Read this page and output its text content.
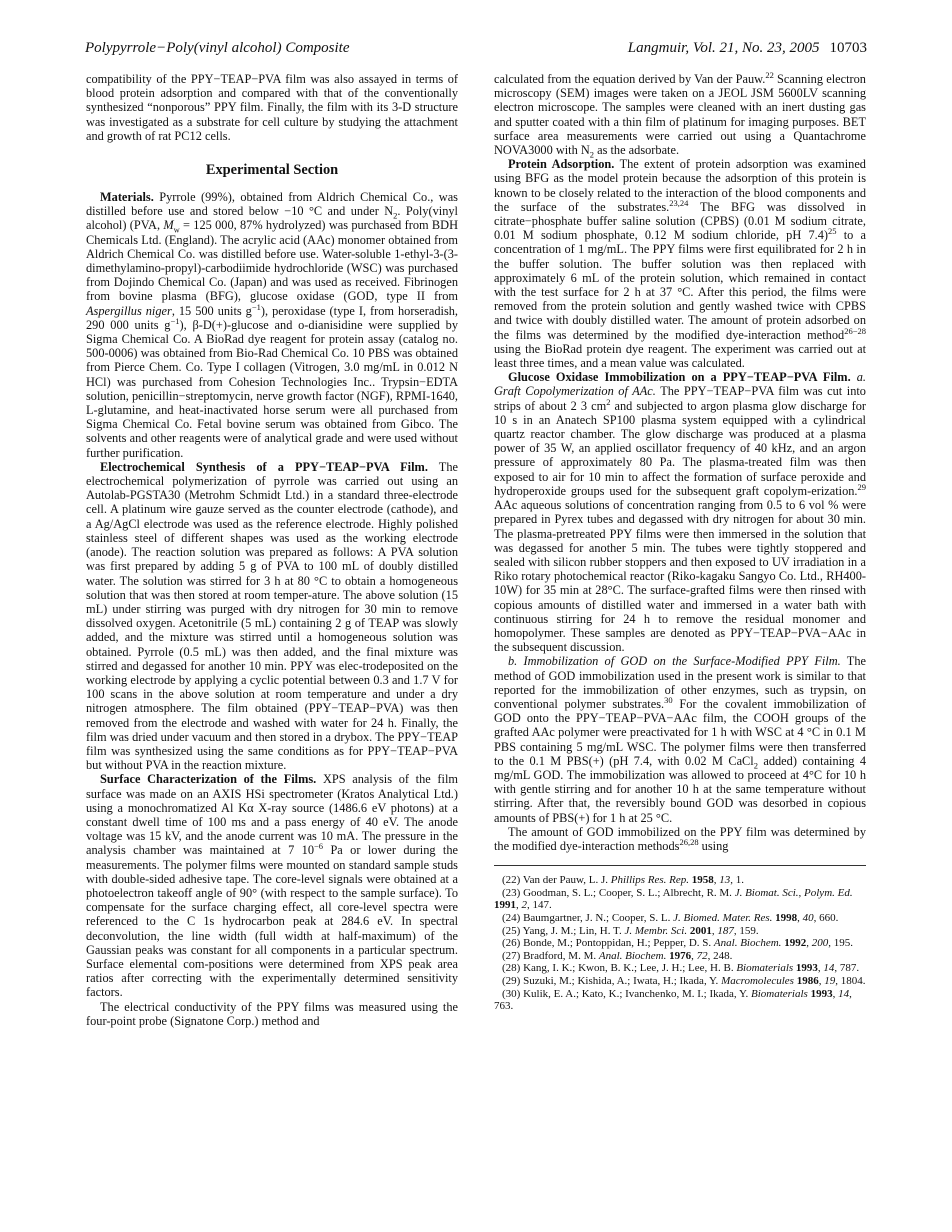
Polypyrrole−Poly(vinyl alcohol) Composite	Langmuir, Vol. 21, No. 23, 2005 10703

compatibility of the PPY−TEAP−PVA film was also assayed in terms of blood protein adsorption and compared with that of the conventionally synthesized “nonporous” PPY film. Finally, the film with its 3-D structure was investigated as a substrate for cell culture by studying the attachment and growth of rat PC12 cells.

Experimental Section

Materials. Pyrrole (99%), obtained from Aldrich Chemical Co., was distilled before use and stored below −10 °C and under $N_2$. Poly(vinyl alcohol) (PVA, $M_w = 125$ 000, 87% hydrolyzed) was purchased from BDH Chemicals Ltd. (England). The acrylic acid (AAc) monomer obtained from Aldrich Chemical Co. was distilled before use. Water-soluble 1-ethyl-3-(3-dimethylamino-propyl)-carbodiimide hydrochloride (WSC) was purchased from Dojindo Chemical Co. (Japan) and was used as received. Fibrinogen from bovine plasma (BFG), glucose oxidase (GOD, type II from Aspergillus niger, 15 500 units $g^{-1}$), peroxidase (type I, from horseradish, 290 000 units $g^{-1}$), β-D(+)-glucose and o-dianisidine were supplied by Sigma Chemical Co. A BioRad dye reagent for protein assay (catalog no. 500-0006) was obtained from Bio-Rad Chemical Co. 10 PBS was obtained from Pierce Chem. Co. Type I collagen (Vitrogen, 3.0 mg/mL in 0.012 N HCl) was purchased from Cohesion Technologies Inc.. Trypsin−EDTA solution, penicillin−streptomycin, nerve growth factor (NGF), RPMI-1640, L-glutamine, and heat-inactivated horse serum were all purchased from Sigma Chemical Co. Fetal bovine serum was obtained from Gibco. The solvents and other reagents were of analytical grade and were used without further purification.

Electrochemical Synthesis of a PPY−TEAP−PVA Film. The electrochemical polymerization of pyrrole was carried out using an Autolab-PGSTA30 (Metrohm Schmidt Ltd.) in a standard three-electrode cell. A platinum wire gauze served as the counter electrode (cathode), and a Ag/AgCl electrode was used as the reference electrode. Highly polished stainless steel of different shapes was used as the working electrode (anode). The reaction solution was prepared as follows: A PVA solution was first prepared by adding 5 g of PVA to 100 mL of doubly distilled water. The solution was stirred for 3 h at 80 °C to obtain a homogeneous solution that was then stored at room temper-ature. The above solution (15 mL) under stirring was purged with dry nitrogen for 30 min to remove dissolved oxygen. Acetonitrile (5 mL) containing 2 g of TEAP was slowly added, and the mixture was stirred until a homogeneous solution was obtained. Pyrrole (0.5 mL) was then added, and the final mixture was stirred and degassed for another 10 min. PPY was elec-trodeposited on the working electrode by applying a cyclic potential between 0.3 and 1.7 V for 100 scans in the above solution at room temperature and under a dry nitrogen atmosphere. The film obtained (PPY−TEAP−PVA) was then removed from the electrode and washed with water for 24 h. Finally, the film was dried under vacuum and then stored in a drybox. The PPY−TEAP film was synthesized using the same conditions as for PPY−TEAP−PVA but without PVA in the reaction mixture.

Surface Characterization of the Films. XPS analysis of the film surface was made on an AXIS HSi spectrometer (Kratos Analytical Ltd.) using a monochromatized Al Kα X-ray source (1486.6 eV photons) at a constant dwell time of 100 ms and a pass energy of 40 eV. The anode voltage was 15 kV, and the anode current was 10 mA. The pressure in the analysis chamber was maintained at 7 $10^{-6}$ Pa or lower during the measurements. The polymer films were mounted on standard sample studs with double-sided adhesive tape. The core-level signals were obtained at a photoelectron takeoff angle of 90° (with respect to the sample surface). To compensate for the surface charging effect, all core-level spectra were referenced to the C 1s hydrocarbon peak at 284.6 eV. In spectral deconvolution, the line width (full width at half-maximum) of the Gaussian peaks was constant for all components in a particular spectrum. Surface elemental com-positions were determined from XPS peak area ratios after correcting with the experimentally determined sensitivity factors.

The electrical conductivity of the PPY films was measured using the four-point probe (Signatone Corp.) method and

calculated from the equation derived by Van der Pauw.$^{22}$ Scanning electron microscopy (SEM) images were taken on a JEOL JSM 5600LV scanning electron microscope. The samples were cleaned with an inert dusting gas and sputter coated with a thin film of platinum for imaging purposes. BET surface area measurements were carried out using a Quantachrome NOVA3000 with $N_2$ as the adsorbate.

Protein Adsorption. The extent of protein adsorption was examined using BFG as the model protein because the adsorption of this protein is known to be closely related to the interaction of the blood components and the surface of the substrates.$^{23,24}$ The BFG was dissolved in citrate−phosphate buffer saline solution (CPBS) (0.01 M sodium citrate, 0.01 M sodium phosphate, 0.12 M sodium chloride, pH 7.4)$^{25}$ to a concentration of 1 mg/mL. The PPY films were first equilibrated for 2 h in the buffer solution. The buffer solution was then replaced with approximately 6 mL of the protein solution, which remained in contact with the test surface for 2 h at 37 °C. After this period, the films were removed from the protein solution and gently washed twice with CPBS and twice with doubly distilled water. The amount of protein adsorbed on the films was determined by the modified dye-interaction method$^{26-28}$ using the BioRad protein dye reagent. The experiment was carried out at least three times, and a mean value was calculated.

Glucose Oxidase Immobilization on a PPY−TEAP−PVA Film. a. Graft Copolymerization of AAc. The PPY−TEAP−PVA film was cut into strips of about 2 3 $cm^2$ and subjected to argon plasma glow discharge for 10 s in an Anatech SP100 plasma system equipped with a cylindrical quartz reactor chamber. The glow discharge was produced at a plasma power of 35 W, an applied oscillator frequency of 40 kHz, and an argon pressure of approximately 80 Pa. The plasma-treated film was then exposed to air for 10 min to affect the formation of surface peroxide and hydroperoxide groups used for the subsequent graft copolym-erization.$^{29}$ AAc aqueous solutions of concentration ranging from 0.5 to 6 vol % were prepared in Pyrex tubes and degassed with dry nitrogen for about 30 min. The plasma-pretreated PPY films were then immersed in the solution that was degassed for another 5 min. The tubes were tightly stoppered and sealed with silicon rubber stoppers and then exposed to UV irradiation in a Riko rotary photochemical reactor (Riko-kagaku Sangyo Co. Ltd., RH400-10W) for 35 min at 28°C. The surface-grafted films were then rinsed with copious amounts of distilled water and immersed in a water bath with continuous stirring for 24 h to remove the residual monomer and homopolymer. These samples are denoted as PPY−TEAP−PVA−AAc in the subsequent discussion.

b. Immobilization of GOD on the Surface-Modified PPY Film. The method of GOD immobilization used in the present work is similar to that reported for the immobilization of other enzymes, such as trypsin, on conventional polymer substrates.$^{30}$ For the covalent immobilization of GOD onto the PPY−TEAP−PVA−AAc film, the COOH groups of the grafted AAc polymer were preactivated for 1 h with WSC at 4 °C in 0.1 M PBS containing 5 mg/mL WSC. The polymer films were then transferred to the 0.1 M PBS(+) (pH 7.4, with 0.02 M CaCl$_2$ added) containing 4 mg/mL GOD. The immobilization was allowed to proceed at 4°C for 10 h with gentle stirring and for another 10 h at the same temperature without stirring. After that, the reversibly bound GOD was desorbed in copious amounts of PBS(+) for 1 h at 25 °C.

The amount of GOD immobilized on the PPY film was determined by the modified dye-interaction methods$^{26,28}$ using

(22) Van der Pauw, L. J. Phillips Res. Rep. 1958, 13, 1.
(23) Goodman, S. L.; Cooper, S. L.; Albrecht, R. M. J. Biomat. Sci., Polym. Ed. 1991, 2, 147.
(24) Baumgartner, J. N.; Cooper, S. L. J. Biomed. Mater. Res. 1998, 40, 660.
(25) Yang, J. M.; Lin, H. T. J. Membr. Sci. 2001, 187, 159.
(26) Bonde, M.; Pontoppidan, H.; Pepper, D. S. Anal. Biochem. 1992, 200, 195.
(27) Bradford, M. M. Anal. Biochem. 1976, 72, 248.
(28) Kang, I. K.; Kwon, B. K.; Lee, J. H.; Lee, H. B. Biomaterials 1993, 14, 787.
(29) Suzuki, M.; Kishida, A.; Iwata, H.; Ikada, Y. Macromolecules 1986, 19, 1804.
(30) Kulik, E. A.; Kato, K.; Ivanchenko, M. I.; Ikada, Y. Biomaterials 1993, 14, 763.
